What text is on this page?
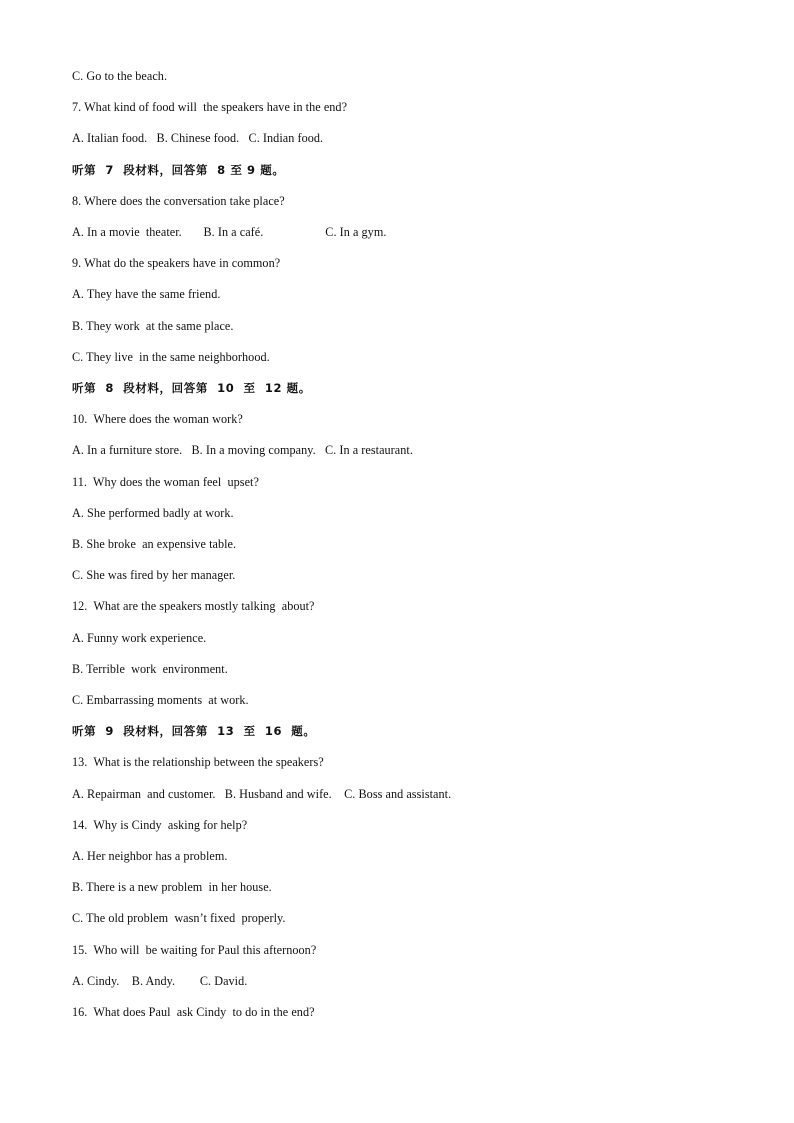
C. Go to the beach.
7. What kind of food will  the speakers have in the end?
A. Italian food.   B. Chinese food.   C. Indian food.
听第  7  段材料，回答第  8 至 9 题。
8. Where does the conversation take place?
A. In a movie  theater.       B. In a café.                    C. In a gym.
9. What do the speakers have in common?
A. They have the same friend.
B. They work  at the same place.
C. They live  in the same neighborhood.
听第  8  段材料，回答第  10  至  12 题。
10.  Where does the woman work?
A. In a furniture store.   B. In a moving company.   C. In a restaurant.
11.  Why does the woman feel  upset?
A. She performed badly at work.
B. She broke  an expensive table.
C. She was fired by her manager.
12.  What are the speakers mostly talking  about?
A. Funny work experience.
B. Terrible  work  environment.
C. Embarrassing moments  at work.
听第  9  段材料，回答第  13  至  16  题。
13.  What is the relationship between the speakers?
A. Repairman  and customer.   B. Husband and wife.    C. Boss and assistant.
14.  Why is Cindy  asking for help?
A. Her neighbor has a problem.
B. There is a new problem  in her house.
C. The old problem  wasn’t fixed  properly.
15.  Who will  be waiting for Paul this afternoon?
A. Cindy.    B. Andy.        C. David.
16.  What does Paul  ask Cindy  to do in the end?
